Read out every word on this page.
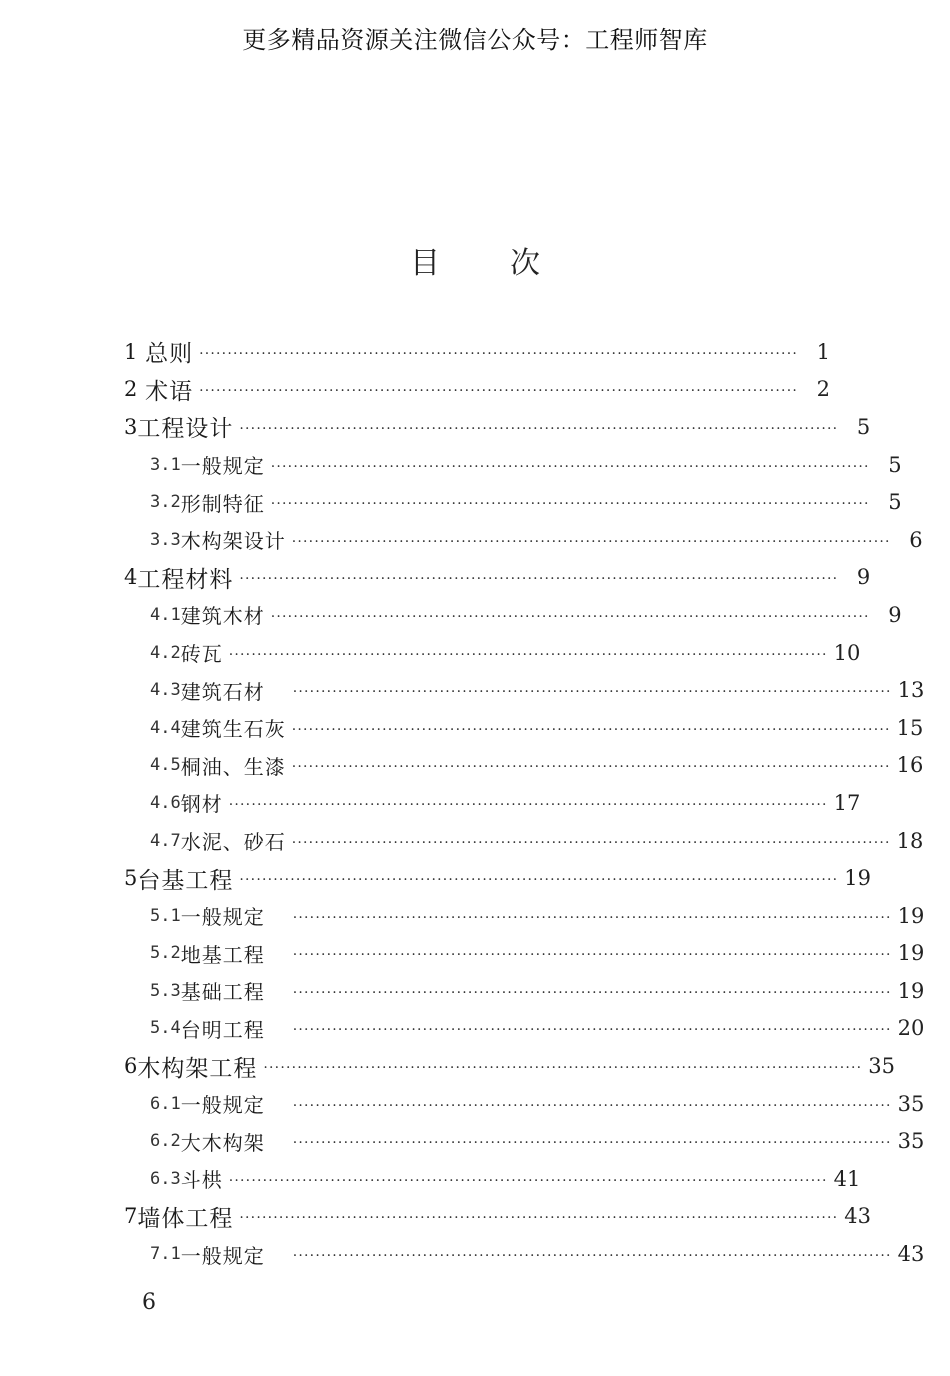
更多精品资源关注微信公众号：工程师智库
目次
1 总则 ·········································································································· 1
2 术语 ·········································································································· 2
3 工程设计 ·········································································································· 5
3.1 一般规定 ·········································································································· 5
3.2 形制特征 ·········································································································· 5
3.3 木构架设计 ·········································································································· 6
4 工程材料 ·········································································································· 9
4.1 建筑木材 ·········································································································· 9
4.2 砖瓦 ·········································································································· 10
4.3 建筑石材	·········································································································· 13
4.4 建筑生石灰 ·········································································································· 15
4.5 桐油、生漆 ·········································································································· 16
4.6 钢材 ·········································································································· 17
4.7 水泥、砂石 ·········································································································· 18
5 台基工程 ·········································································································· 19
5.1 一般规定	·········································································································· 19
5.2 地基工程	·········································································································· 19
5.3 基础工程	·········································································································· 19
5.4 台明工程	·········································································································· 20
6 木构架工程 ·········································································································· 35
6.1 一般规定	·········································································································· 35
6.2 大木构架	·········································································································· 35
6.3 斗栱 ·········································································································· 41
7 墙体工程 ·········································································································· 43
7.1 一般规定	·········································································································· 43
6
